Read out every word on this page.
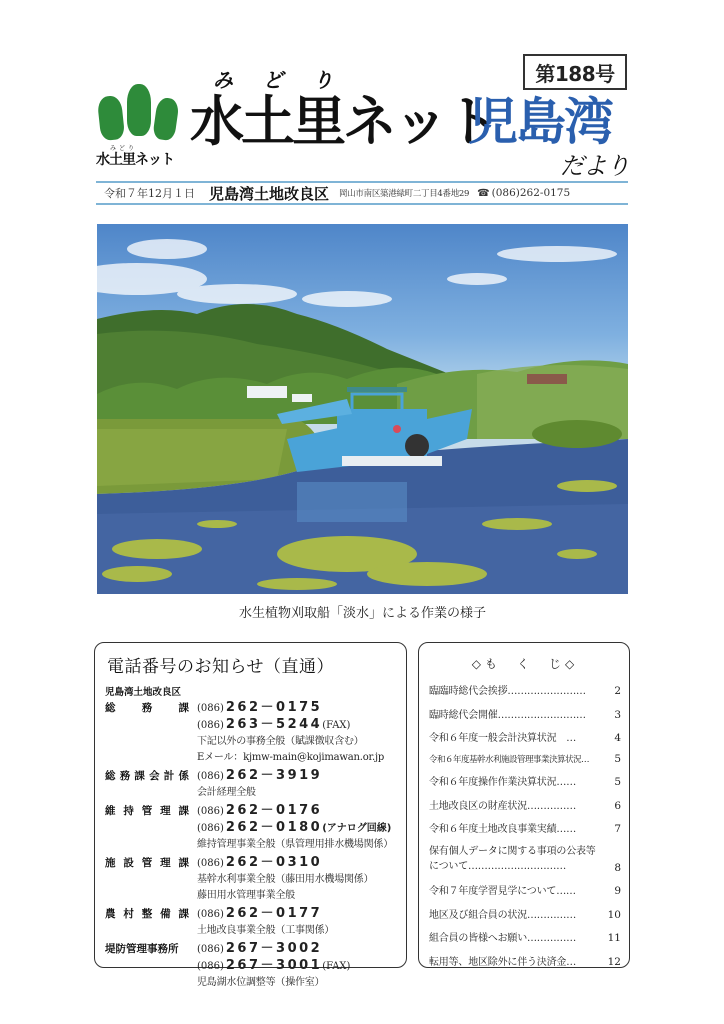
第188号
みどり
水土里ネット
みどり
水土里ネット
児島湾
だより
令和７年12月１日 児島湾土地改良区 岡山市南区築港緑町二丁目4番地29 ☎ (086)262-0175
水生植物刈取船「淡水」による作業の様子
電話番号のお知らせ（直通）
児島湾土地改良区
総	務	課 (086) 262－0175
(086) 263－5244(FAX)
下記以外の事務全般（賦課徴収含む）
Eメール：kjmw-main@kojimawan.or.jp
総 務 課 会 計 係 (086) 262－3919
会計経理全般
維 持 管 理 課 (086) 262－0176
(086) 262－0180(アナログ回線)
維持管理事業全般（県管理用排水機場関係）
施 設 管 理 課 (086) 262－0310
基幹水利事業全般（藤田用水機場関係）
藤田用水管理事業全般
農 村 整 備 課 (086) 262－0177
土地改良事業全般（工事関係）
堤防管理事務所	(086) 267－3002
(086) 267－3001(FAX)
児島湖水位調整等（操作室）
◇も　く　じ◇
臨臨時総代会挨拶……………………	2
臨時総代会開催………………………	3
令和６年度一般会計決算状況　…	4
令和６年度基幹水利施設管理事業決算状況…	5
令和６年度操作作業決算状況……	5
土地改良区の財産状況……………	6
令和６年度土地改良事業実績……	7
保有個人データに関する事項の公表等について…………………………	8
令和７年度学習見学について……	9
地区及び組合員の状況……………	10
組合員の皆様へお願い……………	11
転用等、地区除外に伴う決済金…	12
